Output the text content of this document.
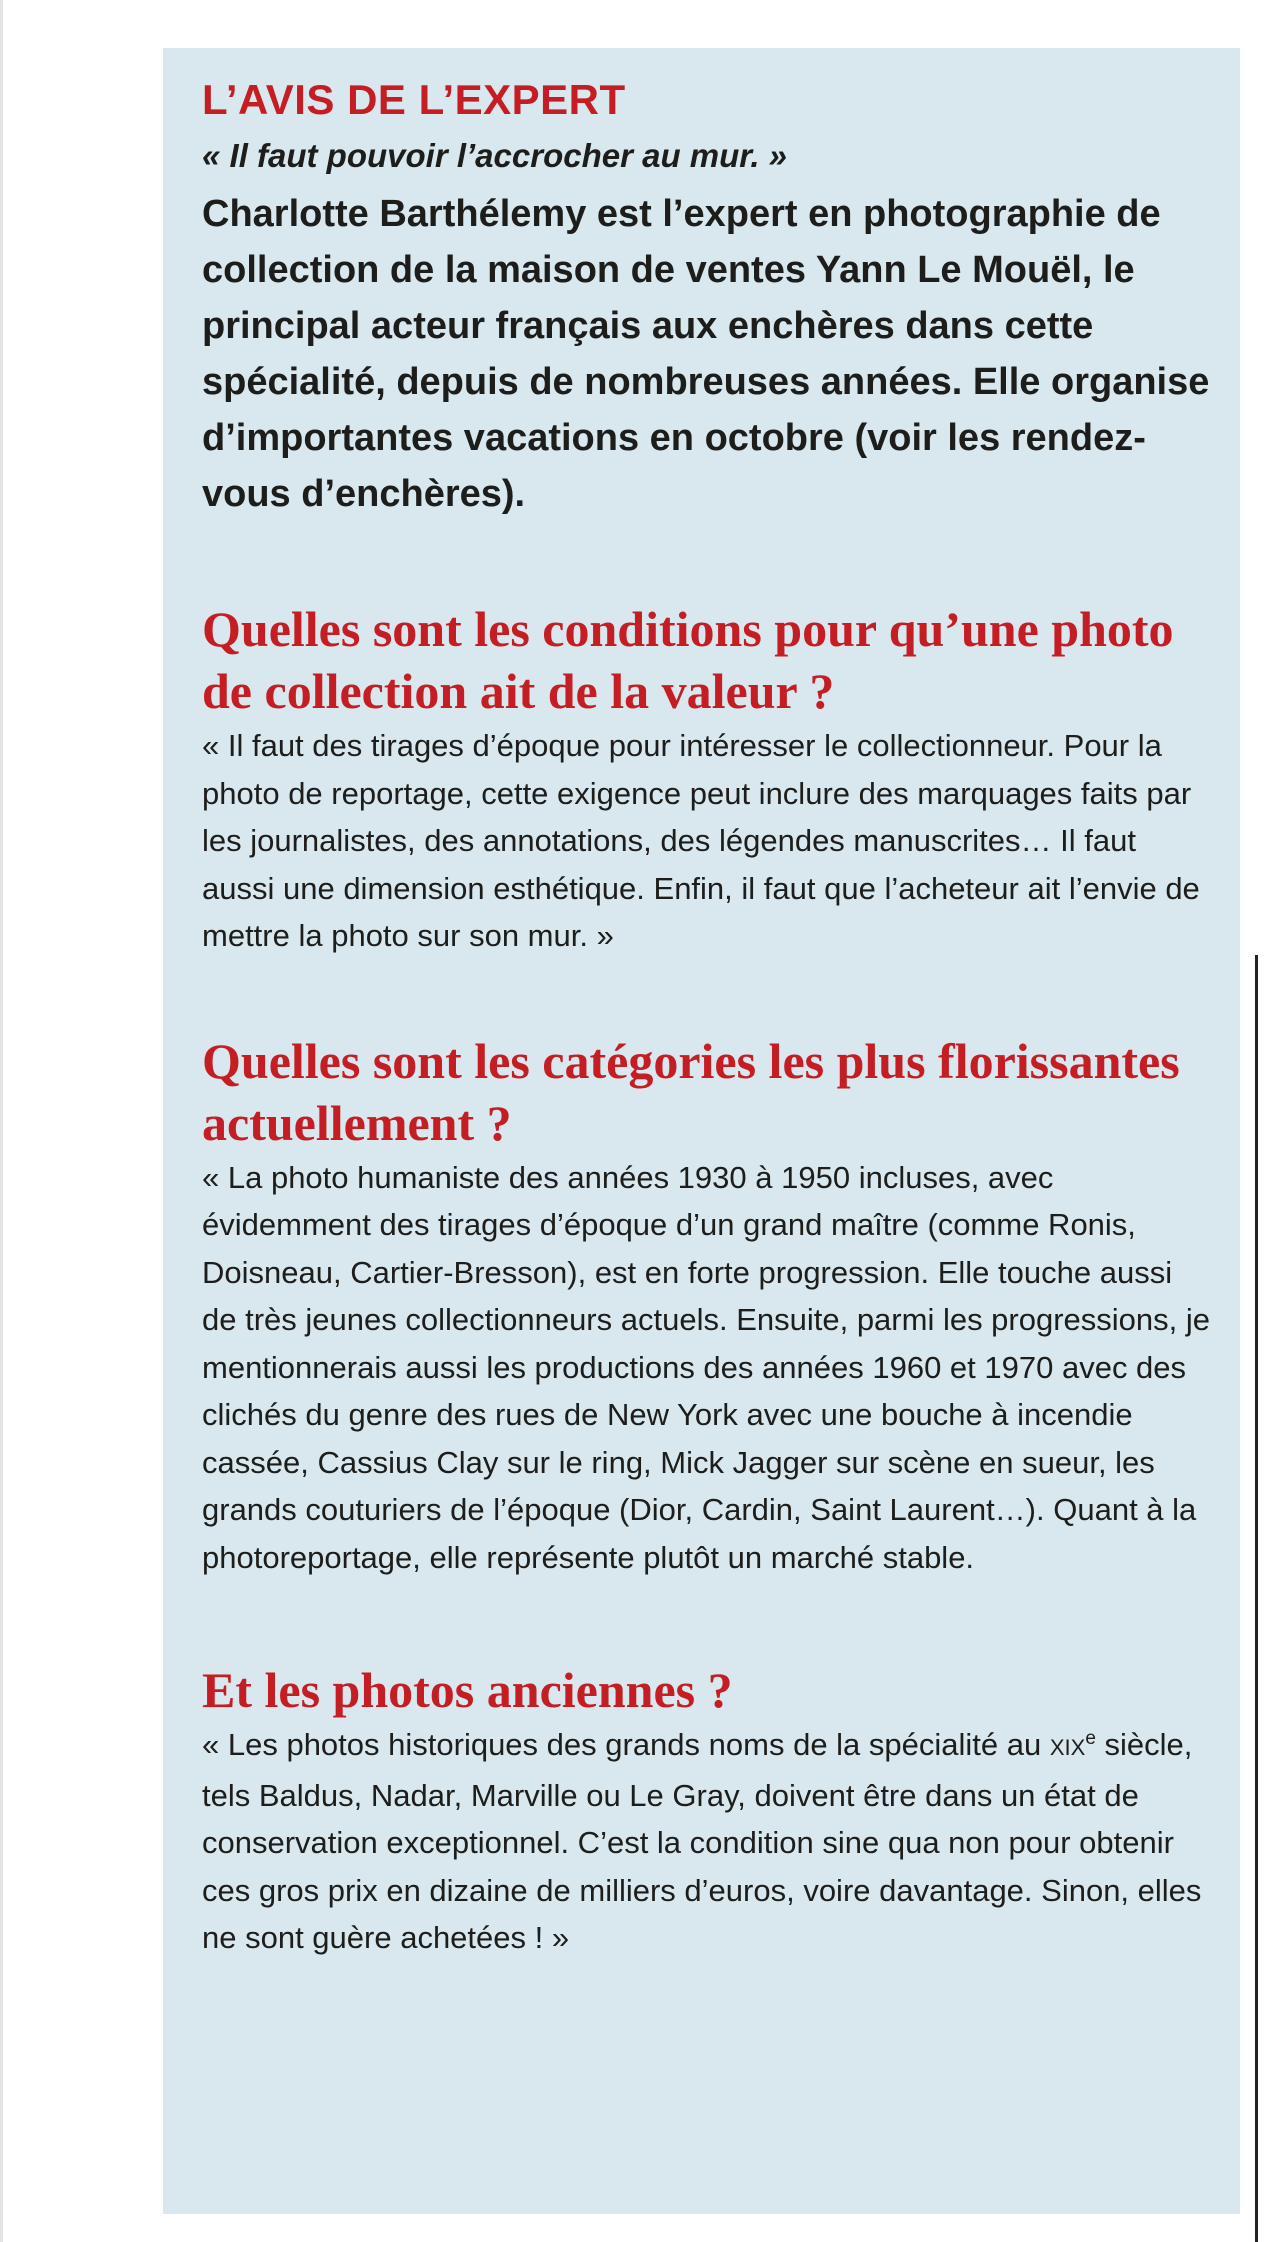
L’AVIS DE L’EXPERT

« Il faut pouvoir l’accrocher au mur. »

Charlotte Barthélemy est l’expert en photographie de collection de la maison de ventes Yann Le Mouël, le principal acteur français aux enchères dans cette spécialité, depuis de nombreuses années. Elle organise d’importantes vacations en octobre (voir les rendez-vous d’enchères).

Quelles sont les conditions pour qu’une photo de collection ait de la valeur ?

« Il faut des tirages d’époque pour intéresser le collectionneur. Pour la photo de reportage, cette exigence peut inclure des marquages faits par les journalistes, des annotations, des légendes manuscrites… Il faut aussi une dimension esthétique. Enfin, il faut que l’acheteur ait l’envie de mettre la photo sur son mur. »

Quelles sont les catégories les plus florissantes actuellement ?

« La photo humaniste des années 1930 à 1950 incluses, avec évidemment des tirages d’époque d’un grand maître (comme Ronis, Doisneau, Cartier-Bresson), est en forte progression. Elle touche aussi de très jeunes collectionneurs actuels. Ensuite, parmi les progressions, je mentionnerais aussi les productions des années 1960 et 1970 avec des clichés du genre des rues de New York avec une bouche à incendie cassée, Cassius Clay sur le ring, Mick Jagger sur scène en sueur, les grands couturiers de l’époque (Dior, Cardin, Saint Laurent…). Quant à la photoreportage, elle représente plutôt un marché stable.

Et les photos anciennes ?

« Les photos historiques des grands noms de la spécialité au XIXe siècle, tels Baldus, Nadar, Marville ou Le Gray, doivent être dans un état de conservation exceptionnel. C’est la condition sine qua non pour obtenir ces gros prix en dizaine de milliers d’euros, voire davantage. Sinon, elles ne sont guère achetées ! »
